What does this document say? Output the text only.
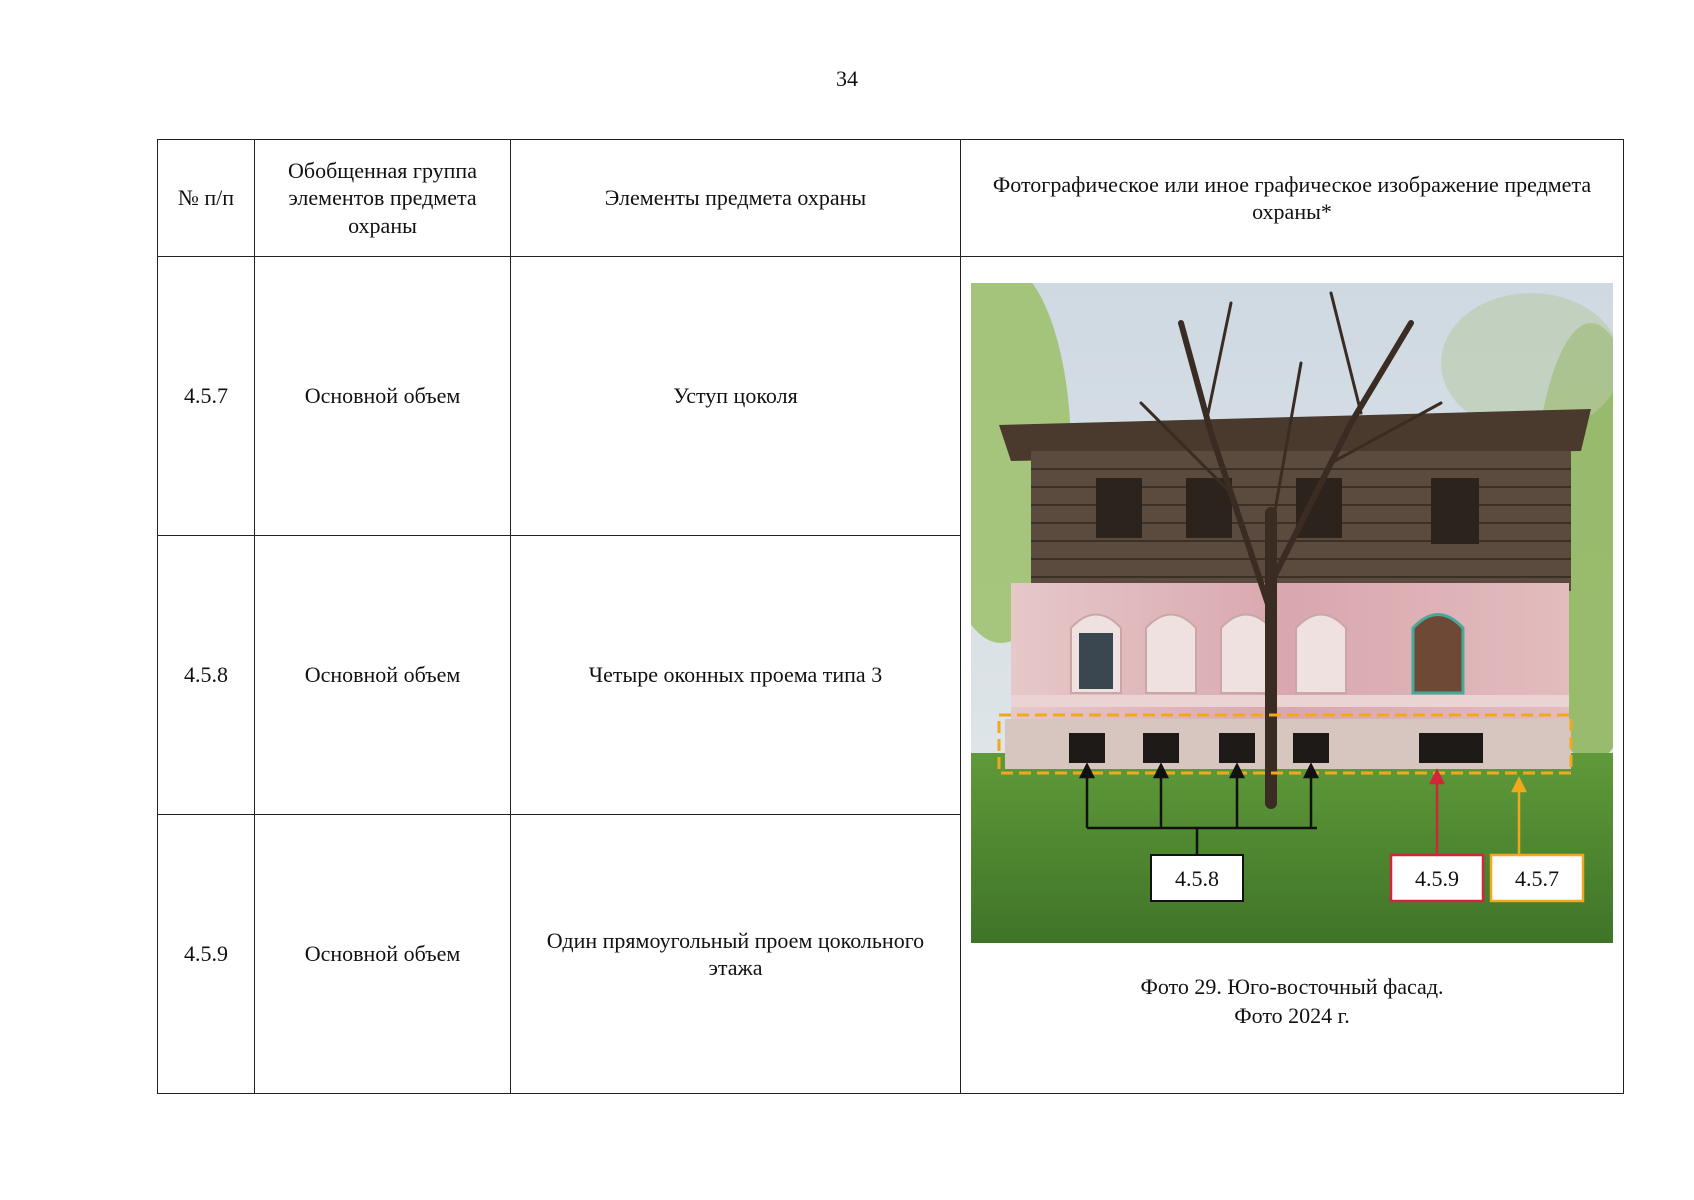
34
№ п/п	Обобщенная группа элементов предмета охраны	Элементы предмета охраны	Фотографическое или иное графическое изображение предмета охраны*
4.5.7	Основной объем	Уступ цоколя	4.5.8 4.5.9 4.5.7
Фото 29. Юго-восточный фасад.
Фото 2024 г.

4.5.8	Основной объем	Четыре оконных проема типа 3	
4.5.9	Основной объем	Один прямоугольный проем цокольного этажа	
